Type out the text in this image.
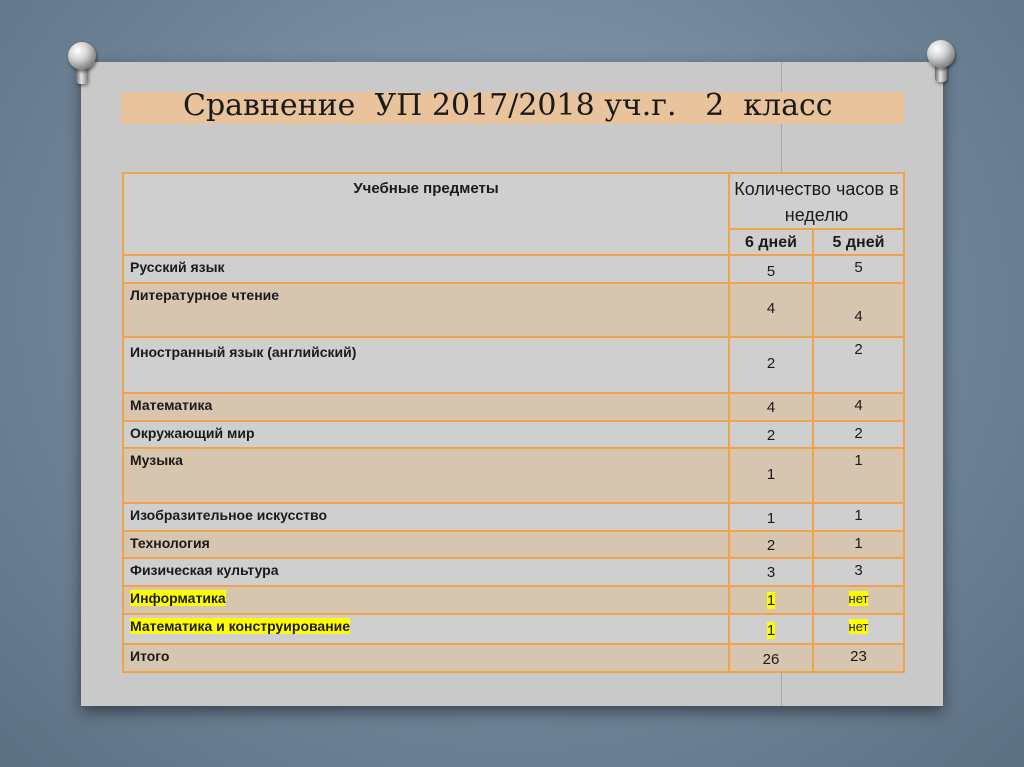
Сравнение  УП 2017/2018 уч.г.   2  класс
Учебные предметы	Количество часов в неделю	
	6 дней	5 дней
Русский язык	5	5
Литературное чтение	4	4
Иностранный язык (английский)	2	2
Математика	4	4
Окружающий мир	2	2
Музыка	1	1
Изобразительное искусство	1	1
Технология	2	1
Физическая культура	3	3
Информатика	1	нет
Математика и конструирование	1	нет
Итого	26	23
